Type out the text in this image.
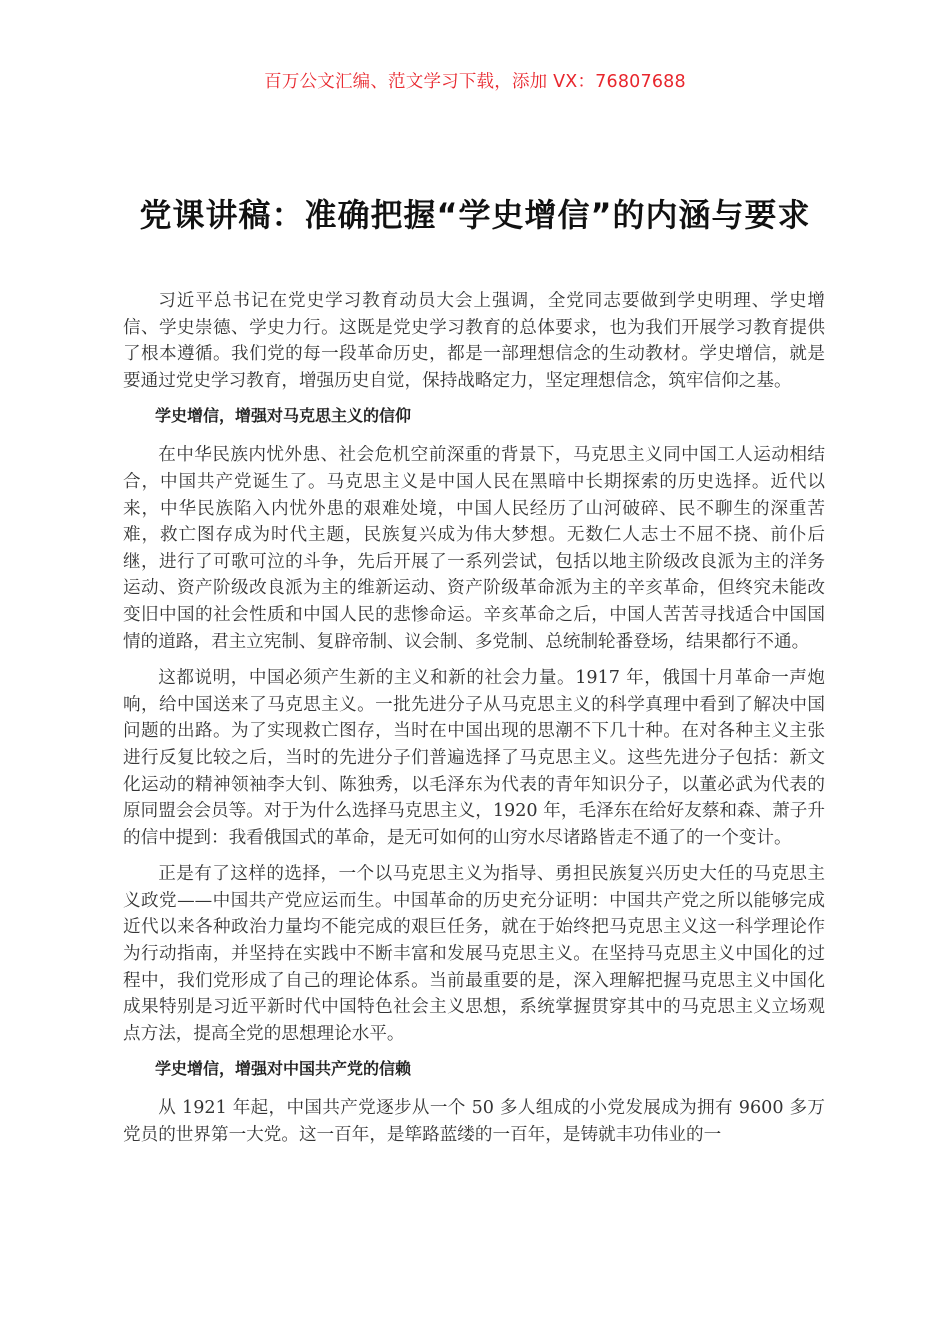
百万公文汇编、范文学习下载，添加 VX：76807688
党课讲稿：准确把握“学史增信”的内涵与要求

习近平总书记在党史学习教育动员大会上强调，全党同志要做到学史明理、学史增信、学史崇德、学史力行。这既是党史学习教育的总体要求，也为我们开展学习教育提供了根本遵循。我们党的每一段革命历史，都是一部理想信念的生动教材。学史增信，就是要通过党史学习教育，增强历史自觉，保持战略定力，坚定理想信念，筑牢信仰之基。

学史增信，增强对马克思主义的信仰

在中华民族内忧外患、社会危机空前深重的背景下，马克思主义同中国工人运动相结合，中国共产党诞生了。马克思主义是中国人民在黑暗中长期探索的历史选择。近代以来，中华民族陷入内忧外患的艰难处境，中国人民经历了山河破碎、民不聊生的深重苦难，救亡图存成为时代主题，民族复兴成为伟大梦想。无数仁人志士不屈不挠、前仆后继，进行了可歌可泣的斗争，先后开展了一系列尝试，包括以地主阶级改良派为主的洋务运动、资产阶级改良派为主的维新运动、资产阶级革命派为主的辛亥革命，但终究未能改变旧中国的社会性质和中国人民的悲惨命运。辛亥革命之后，中国人苦苦寻找适合中国国情的道路，君主立宪制、复辟帝制、议会制、多党制、总统制轮番登场，结果都行不通。

这都说明，中国必须产生新的主义和新的社会力量。1917 年，俄国十月革命一声炮响，给中国送来了马克思主义。一批先进分子从马克思主义的科学真理中看到了解决中国问题的出路。为了实现救亡图存，当时在中国出现的思潮不下几十种。在对各种主义主张进行反复比较之后，当时的先进分子们普遍选择了马克思主义。这些先进分子包括：新文化运动的精神领袖李大钊、陈独秀，以毛泽东为代表的青年知识分子，以董必武为代表的原同盟会会员等。对于为什么选择马克思主义，1920 年，毛泽东在给好友蔡和森、萧子升的信中提到：我看俄国式的革命，是无可如何的山穷水尽诸路皆走不通了的一个变计。

正是有了这样的选择，一个以马克思主义为指导、勇担民族复兴历史大任的马克思主义政党——中国共产党应运而生。中国革命的历史充分证明：中国共产党之所以能够完成近代以来各种政治力量均不能完成的艰巨任务，就在于始终把马克思主义这一科学理论作为行动指南，并坚持在实践中不断丰富和发展马克思主义。在坚持马克思主义中国化的过程中，我们党形成了自己的理论体系。当前最重要的是，深入理解把握马克思主义中国化成果特别是习近平新时代中国特色社会主义思想，系统掌握贯穿其中的马克思主义立场观点方法，提高全党的思想理论水平。

学史增信，增强对中国共产党的信赖

从 1921 年起，中国共产党逐步从一个 50 多人组成的小党发展成为拥有 9600 多万党员的世界第一大党。这一百年，是筚路蓝缕的一百年，是铸就丰功伟业的一
